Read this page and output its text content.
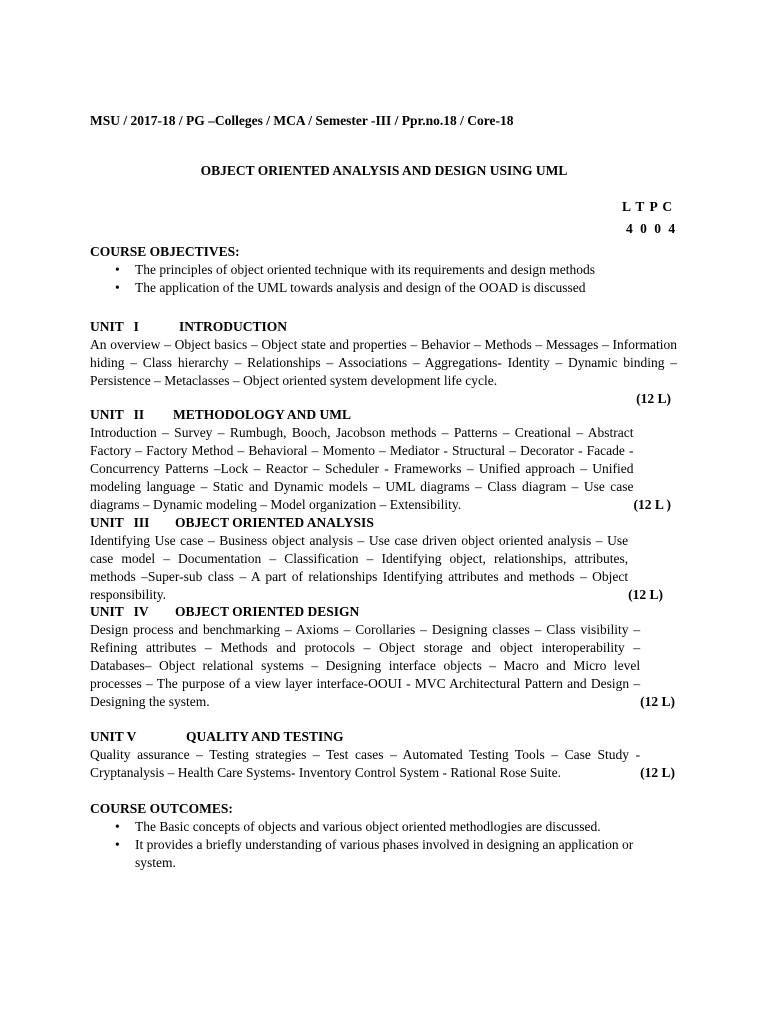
MSU / 2017-18 / PG –Colleges / MCA / Semester -III / Ppr.no.18 / Core-18
OBJECT ORIENTED ANALYSIS AND DESIGN USING UML
L T P C
4 0 0 4
COURSE OBJECTIVES:
• The principles of object oriented technique with its requirements and design methods
• The application of the UML towards analysis and design of the OOAD is discussed
UNIT   I	INTRODUCTION
An overview – Object basics – Object state and properties – Behavior – Methods – Messages – Information hiding – Class hierarchy – Relationships – Associations – Aggregations- Identity – Dynamic binding – Persistence – Metaclasses – Object oriented system development life cycle.
(12 L)
UNIT   II	METHODOLOGY AND UML
(12 L )
Introduction – Survey – Rumbugh, Booch, Jacobson methods – Patterns – Creational – Abstract Factory – Factory Method – Behavioral – Momento – Mediator - Structural – Decorator - Facade -Concurrency Patterns –Lock – Reactor – Scheduler - Frameworks – Unified approach – Unified modeling language – Static and Dynamic models – UML diagrams – Class diagram – Use case diagrams – Dynamic modeling – Model organization – Extensibility.
UNIT   III	OBJECT ORIENTED ANALYSIS
(12 L)
Identifying Use case – Business object analysis – Use case driven object oriented analysis – Use case model – Documentation – Classification – Identifying object, relationships, attributes, methods –Super-sub class – A part of relationships Identifying attributes and methods – Object responsibility.
UNIT   IV	OBJECT ORIENTED DESIGN
(12 L)
Design process and benchmarking – Axioms – Corollaries – Designing classes – Class visibility –Refining attributes – Methods and protocols – Object storage and object interoperability – Databases– Object relational systems – Designing interface objects – Macro and Micro level processes – The purpose of a view layer interface-OOUI - MVC Architectural Pattern and Design – Designing the system.
UNIT V	QUALITY AND TESTING
(12 L)
Quality assurance – Testing strategies – Test cases – Automated Testing Tools – Case Study - Cryptanalysis – Health Care Systems- Inventory Control System - Rational Rose Suite.
COURSE OUTCOMES:
• The Basic concepts of objects and various object oriented methodlogies are discussed.
• It provides a briefly understanding of various phases involved in designing an application or system.
